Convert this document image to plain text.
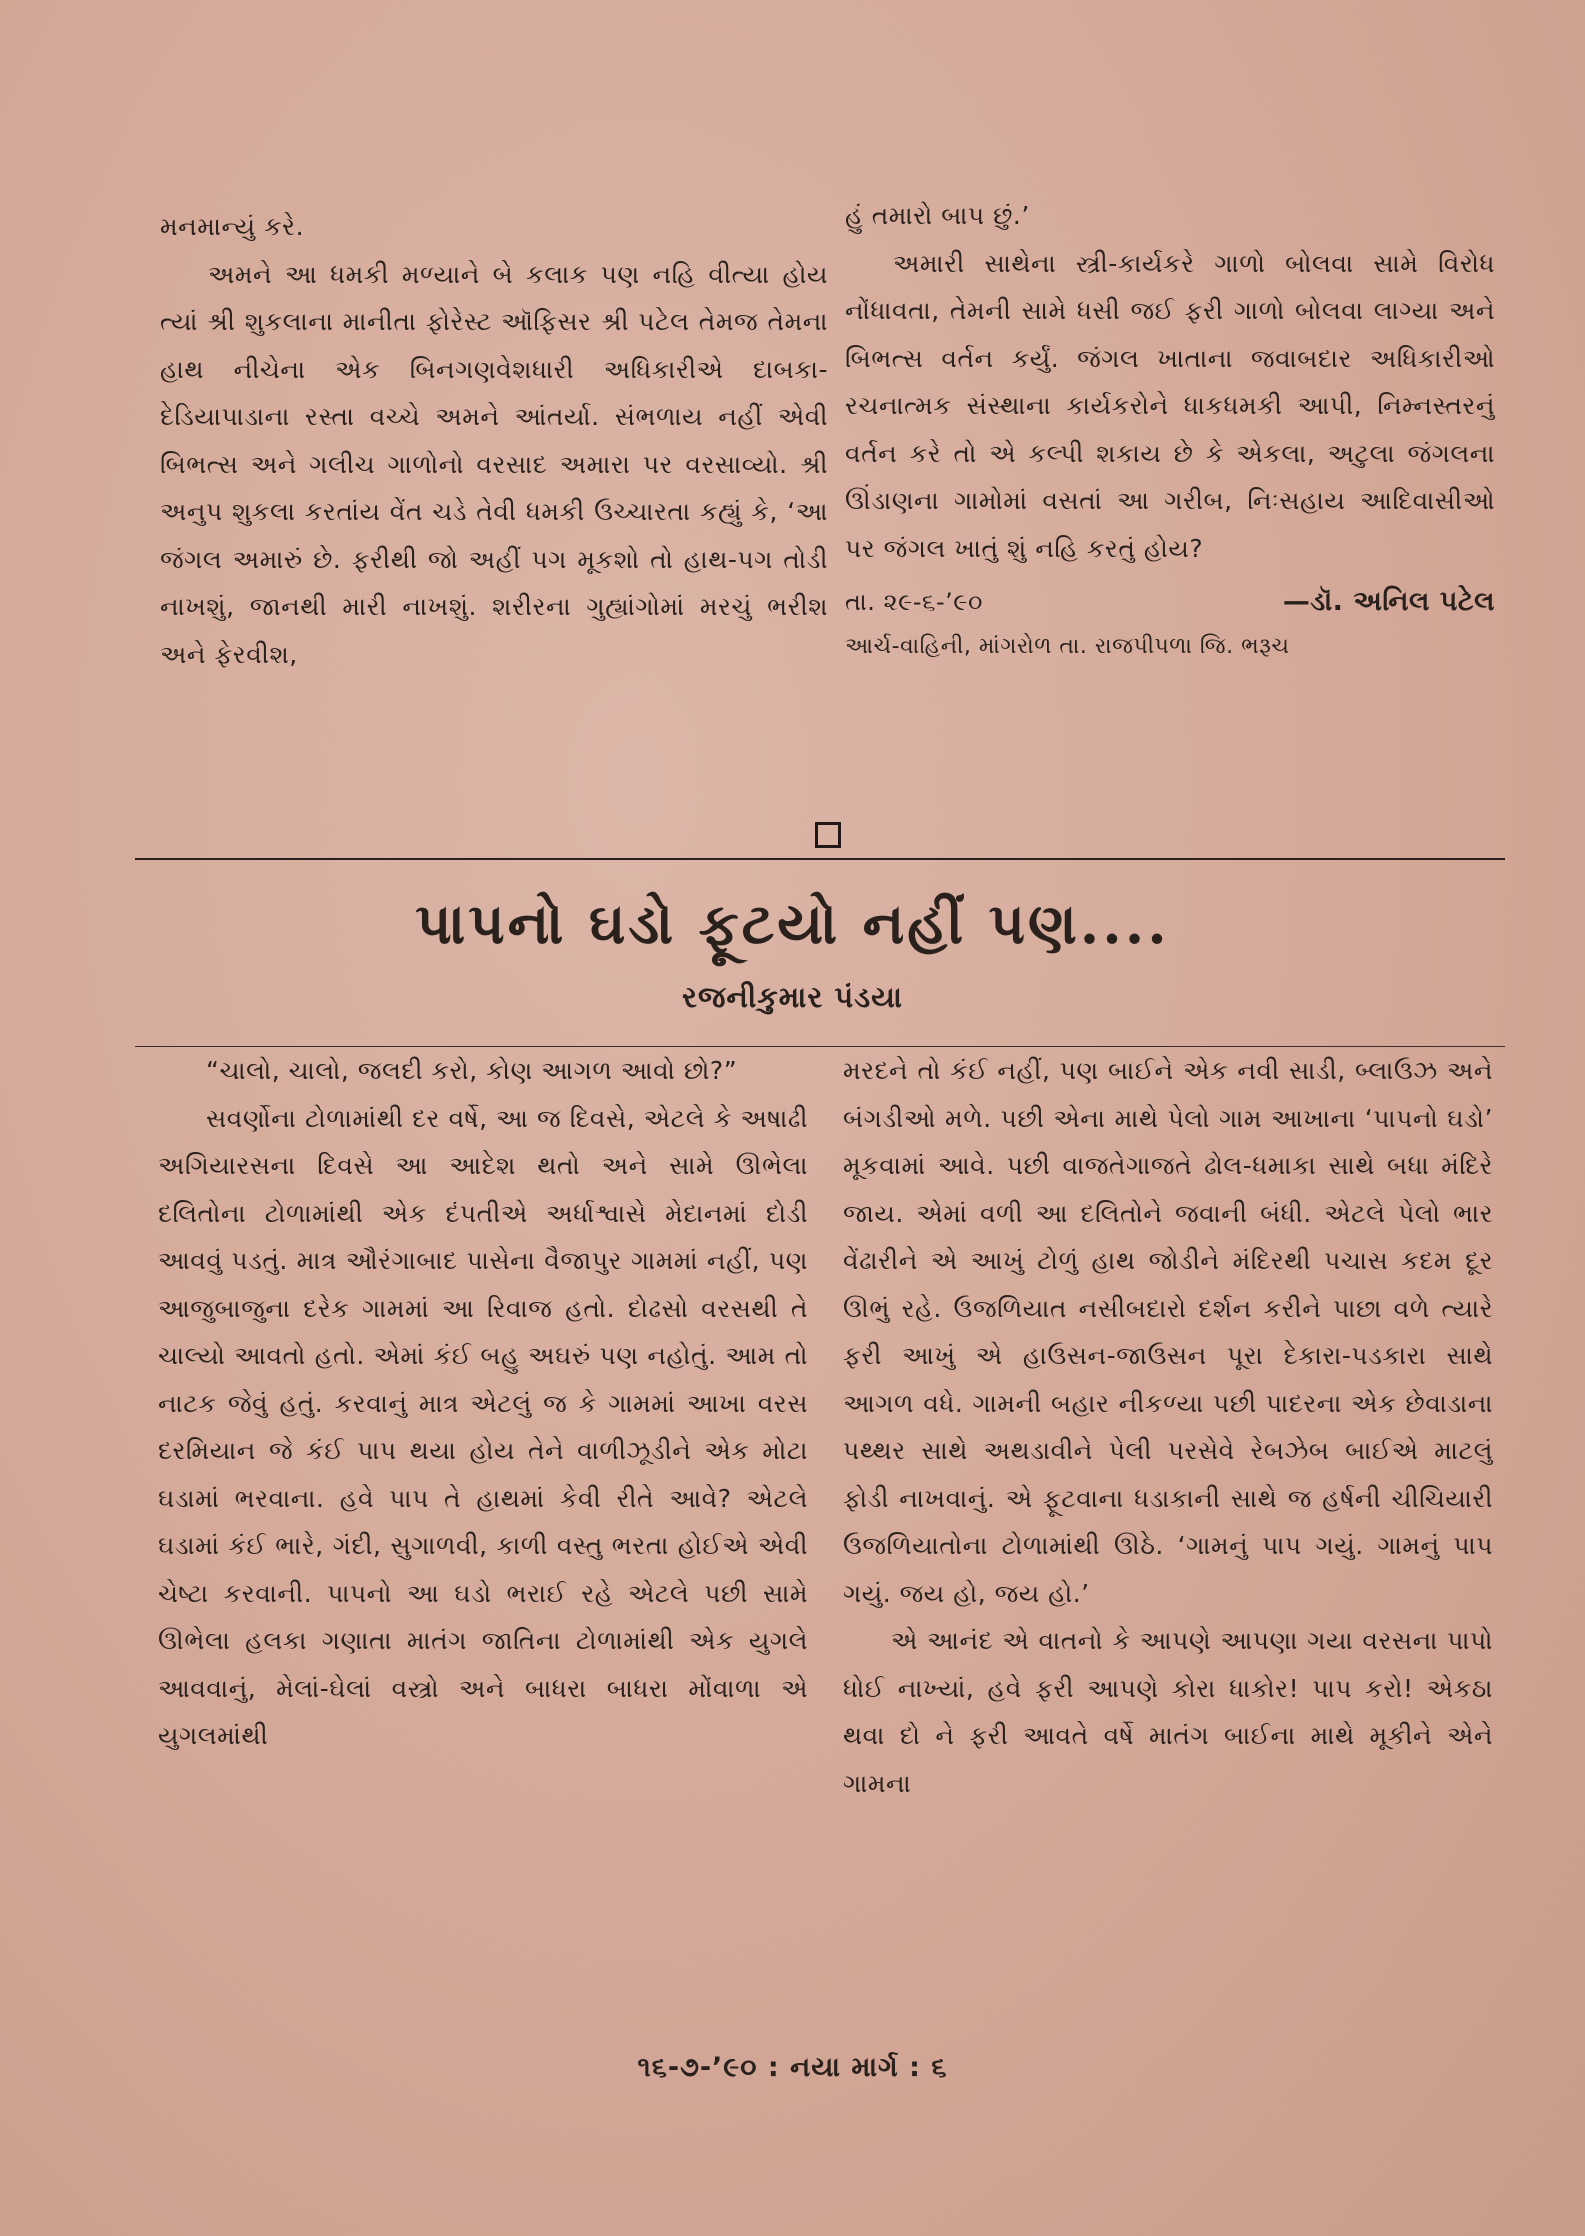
મનમાન્યું કરે.

અમને આ ધમકી મળ્યાને બે કલાક પણ નહિ વીત્યા હોય ત્યાં શ્રી શુકલાના માનીતા ફોરેસ્ટ ઑફિસર શ્રી પટેલ તેમજ તેમના હાથ નીચેના એક બિનગણવેશધારી અધિકારીએ દાબકા-દેડિયાપાડાના રસ્તા વચ્ચે અમને આંતર્યા. સંભળાય નહીં એવી બિભત્સ અને ગલીચ ગાળોનો વરસાદ અમારા પર વરસાવ્યો. શ્રી અનુપ શુકલા કરતાંય વેંત ચડે તેવી ધમકી ઉચ્ચારતા કહ્યું કે, ‘આ જંગલ અમારું છે. ફરીથી જો અહીં પગ મૂકશો તો હાથ-પગ તોડી નાખશું, જાનથી મારી નાખશું. શરીરના ગુહ્યાંગોમાં મરચું ભરીશ અને ફેરવીશ,

હું તમારો બાપ છું.’

અમારી સાથેના સ્ત્રી-કાર્યકરે ગાળો બોલવા સામે વિરોધ નોંધાવતા, તેમની સામે ધસી જઈ ફરી ગાળો બોલવા લાગ્યા અને બિભત્સ વર્તન કર્યું. જંગલ ખાતાના જવાબદાર અધિકારીઓ રચનાત્મક સંસ્થાના કાર્યકરોને ધાકધમકી આપી, નિમ્નસ્તરનું વર્તન કરે તો એ કલ્પી શકાય છે કે એકલા, અટુલા જંગલના ઊંડાણના ગામોમાં વસતાં આ ગરીબ, નિઃસહાય આદિવાસીઓ પર જંગલ ખાતું શું નહિ કરતું હોય?

તા. ૨૯-૬-’૯૦	—ડૉ. અનિલ પટેલ
આર્ચ-વાહિની, માંગરોળ તા. રાજપીપળા જિ. ભરૂચ
પાપનો ઘડો ફૂટયો નહીં પણ....
રજનીકુમાર પંડયા

“ચાલો, ચાલો, જલદી કરો, કોણ આગળ આવો છો?”

સવર્ણોના ટોળામાંથી દર વર્ષે, આ જ દિવસે, એટલે કે અષાઢી અગિયારસના દિવસે આ આદેશ થતો અને સામે ઊભેલા દલિતોના ટોળામાંથી એક દંપતીએ અર્ધાશ્વાસે મેદાનમાં દોડી આવવું પડતું. માત્ર ઔરંગાબાદ પાસેના વૈજાપુર ગામમાં નહીં, પણ આજુબાજુના દરેક ગામમાં આ રિવાજ હતો. દોઢસો વરસથી તે ચાલ્યો આવતો હતો. એમાં કંઈ બહુ અઘરું પણ નહોતું. આમ તો નાટક જેવું હતું. કરવાનું માત્ર એટલું જ કે ગામમાં આખા વરસ દરમિયાન જે કંઈ પાપ થયા હોય તેને વાળીઝૂડીને એક મોટા ઘડામાં ભરવાના. હવે પાપ તે હાથમાં કેવી રીતે આવે? એટલે ઘડામાં કંઈ ભારે, ગંદી, સુગાળવી, કાળી વસ્તુ ભરતા હોઈએ એવી ચેષ્ટા કરવાની. પાપનો આ ઘડો ભરાઈ રહે એટલે પછી સામે ઊભેલા હલકા ગણાતા માતંગ જાતિના ટોળામાંથી એક યુગલે આવવાનું, મેલાં-ઘેલાં વસ્ત્રો અને બાધરા બાધરા મોંવાળા એ યુગલમાંથી

મરદને તો કંઈ નહીં, પણ બાઈને એક નવી સાડી, બ્લાઉઝ અને બંગડીઓ મળે. પછી એના માથે પેલો ગામ આખાના ‘પાપનો ઘડો’ મૂકવામાં આવે. પછી વાજતેગાજતે ઢોલ-ધમાકા સાથે બધા મંદિરે જાય. એમાં વળી આ દલિતોને જવાની બંધી. એટલે પેલો ભાર વેંઢારીને એ આખું ટોળું હાથ જોડીને મંદિરથી પચાસ કદમ દૂર ઊભું રહે. ઉજળિયાત નસીબદારો દર્શન કરીને પાછા વળે ત્યારે ફરી આખું એ હાઉસન-જાઉસન પૂરા દેકારા-પડકારા સાથે આગળ વધે. ગામની બહાર નીકળ્યા પછી પાદરના એક છેવાડાના પથ્થર સાથે અથડાવીને પેલી પરસેવે રેબઝેબ બાઈએ માટલું ફોડી નાખવાનું. એ ફૂટવાના ધડાકાની સાથે જ હર્ષની ચીચિયારી ઉજળિયાતોના ટોળામાંથી ઊઠે. ‘ગામનું પાપ ગયું. ગામનું પાપ ગયું. જય હો, જય હો.’

એ આનંદ એ વાતનો કે આપણે આપણા ગયા વરસના પાપો ધોઈ નાખ્યાં, હવે ફરી આપણે કોરા ધાકોર! પાપ કરો! એકઠા થવા દો ને ફરી આવતે વર્ષે માતંગ બાઈના માથે મૂકીને એને ગામના

૧૬-૭-’૯૦ : નયા માર્ગ : ૬
